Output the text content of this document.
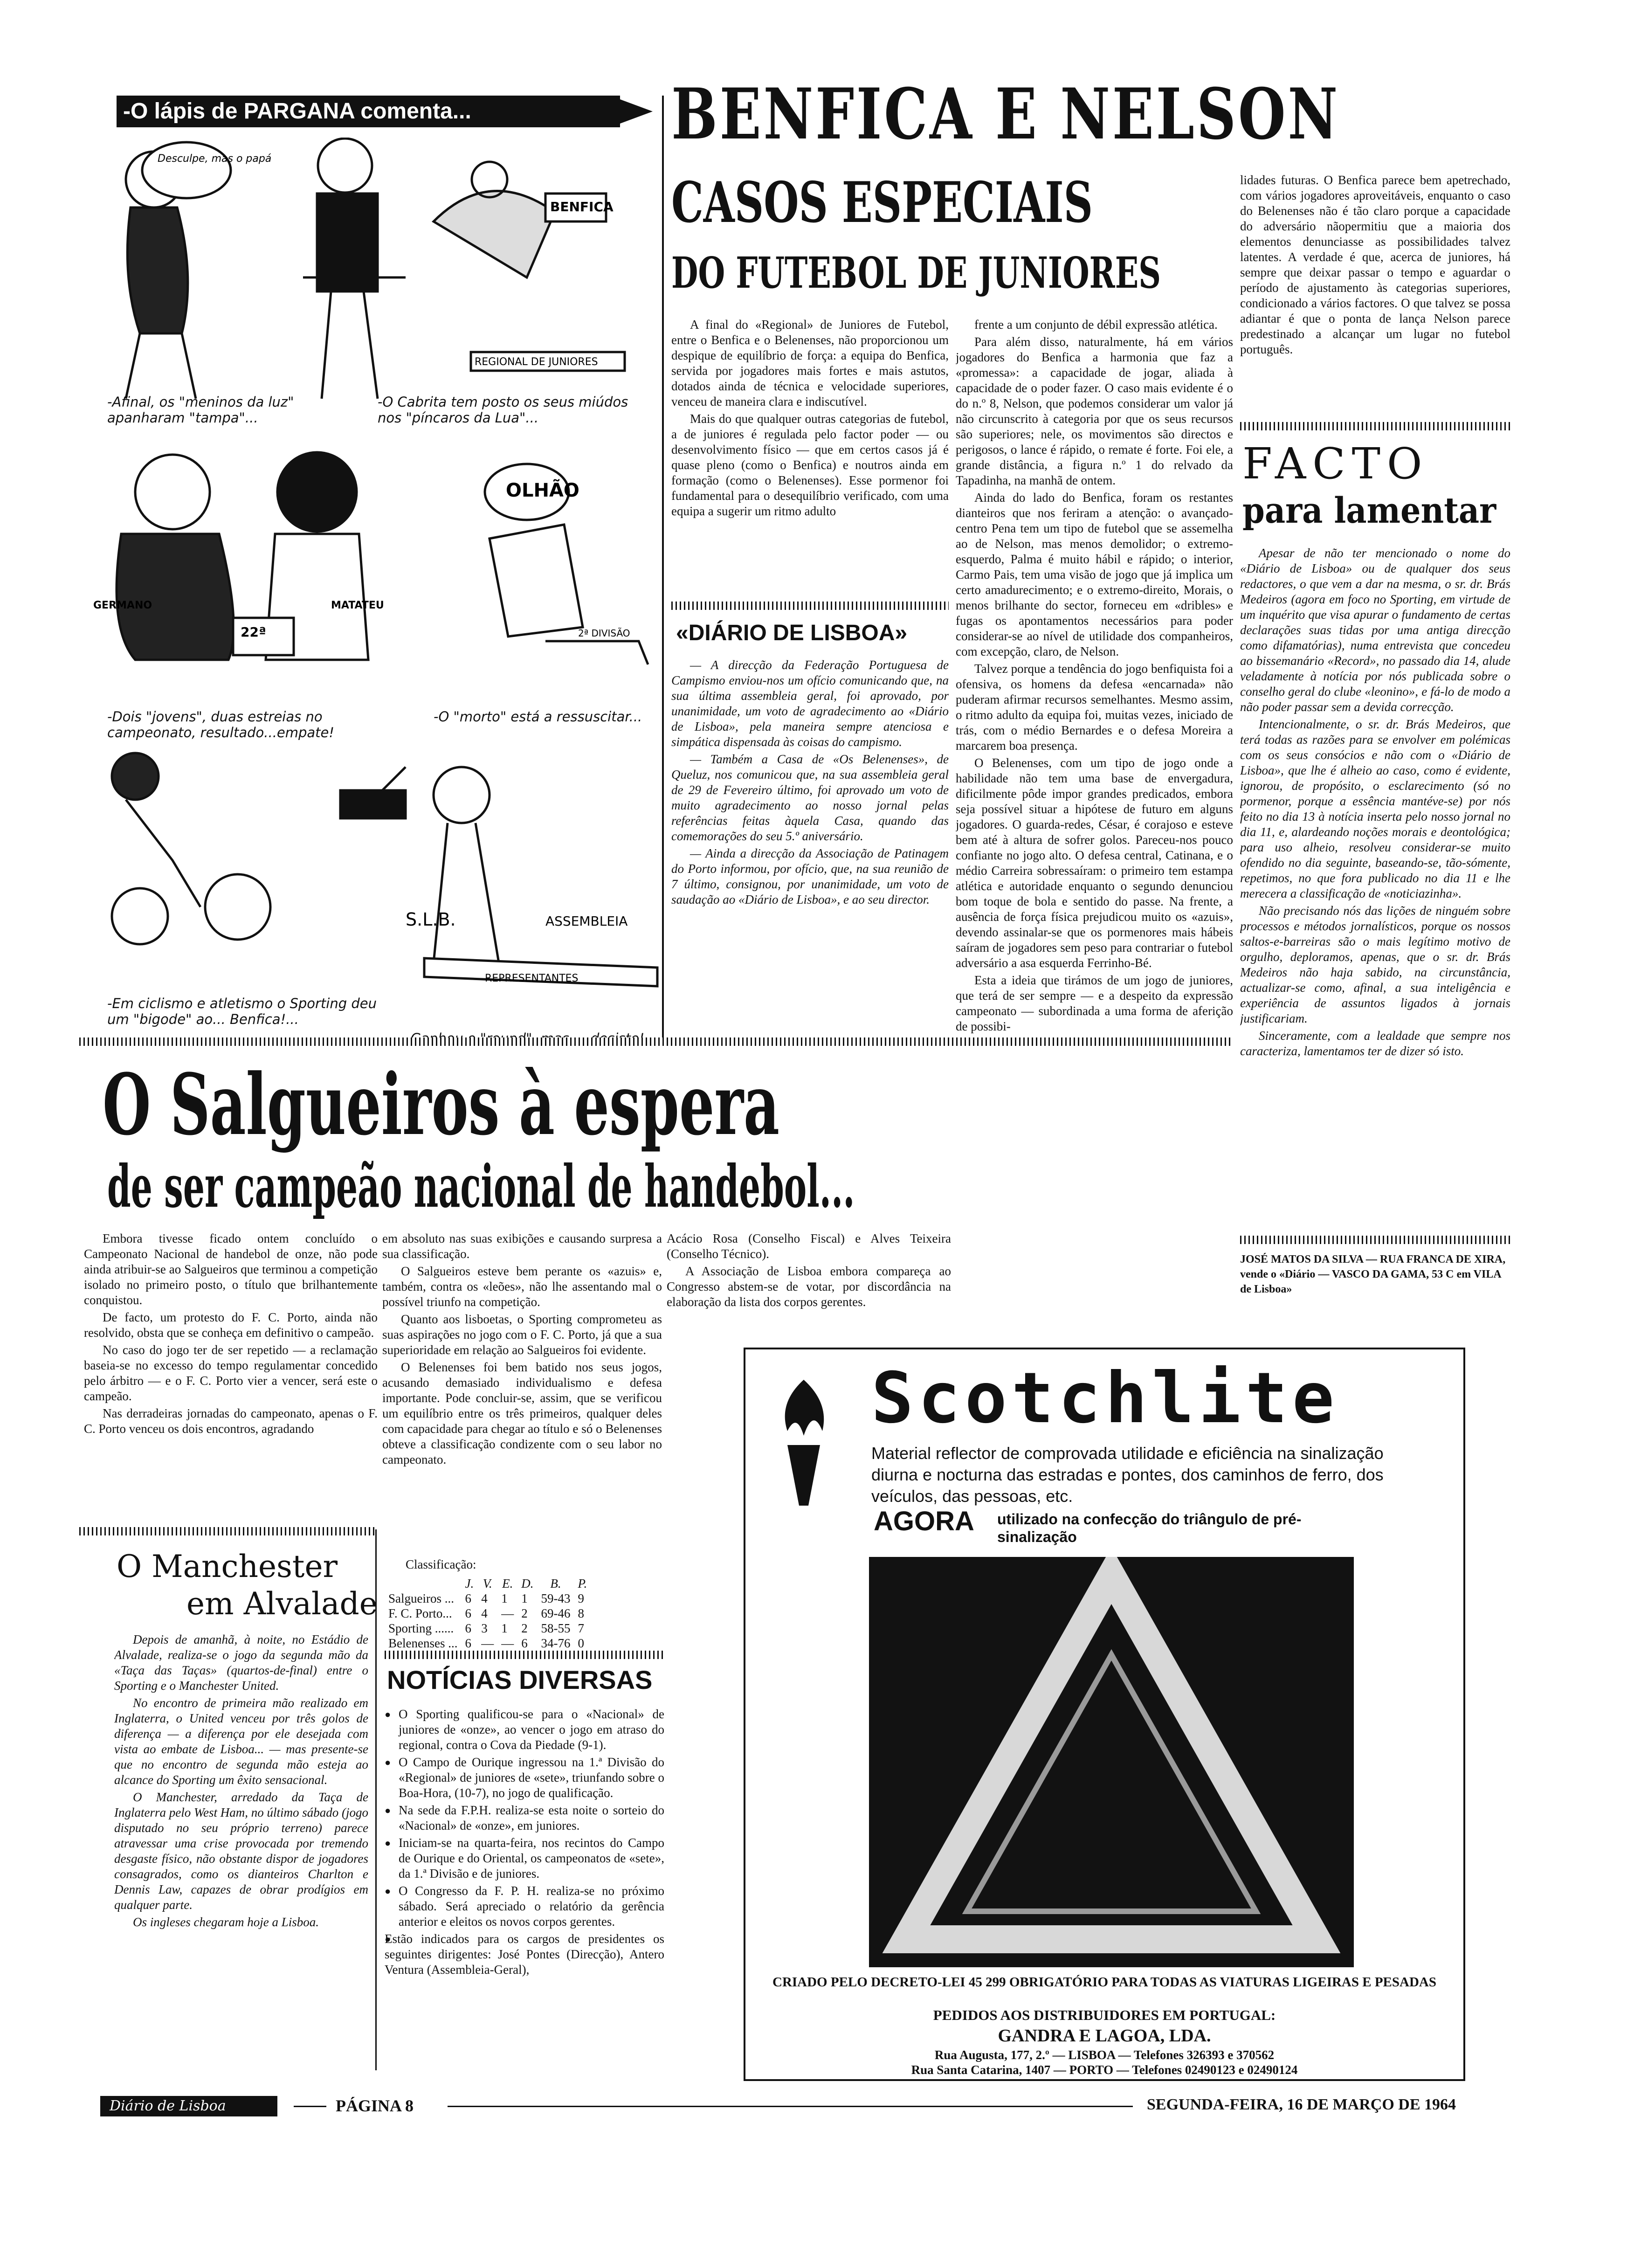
-O lápis de PARGANA comenta...
BENFICA
Desculpe, mas o papá
REGIONAL DE JUNIORES
-Afinal, os "meninos da luz" apanharam "tampa"...
-O Cabrita tem posto os seus miúdos nos "píncaros da Lua"...
GERMANO
22ª
MATATEU
OLHÃO
2ª DIVISÃO
-Dois "jovens", duas estreias no campeonato, resultado...empate!
-O "morto" está a ressuscitar...
S.L.B.	ASSEMBLEIA
REPRESENTANTES
-Em ciclismo e atletismo o Sporting deu um "bigode" ao... Benfica!...
BENFICA E NELSON
CASOS ESPECIAIS
DO FUTEBOL DE JUNIORES

A final do «Regional» de Juniores de Futebol, entre o Benfica e o Belenenses, não proporcionou um despique de equilíbrio de força: a equipa do Benfica, servida por jogadores mais fortes e mais astutos, dotados ainda de técnica e velocidade superiores, venceu de maneira clara e indiscutível.

Mais do que qualquer outras categorias de futebol, a de juniores é regulada pelo factor poder — ou desenvolvimento físico — que em certos casos já é quase pleno (como o Benfica) e noutros ainda em formação (como o Belenenses). Esse pormenor foi fundamental para o desequilíbrio verificado, com uma equipa a sugerir um ritmo adulto

«DIÁRIO DE LISBOA»

— A direcção da Federação Portuguesa de Campismo enviou-nos um ofício comunicando que, na sua última assembleia geral, foi aprovado, por unanimidade, um voto de agradecimento ao «Diário de Lisboa», pela maneira sempre atenciosa e simpática dispensada às coisas do campismo.

— Também a Casa de «Os Belenenses», de Queluz, nos comunicou que, na sua assembleia geral de 29 de Fevereiro último, foi aprovado um voto de muito agradecimento ao nosso jornal pelas referências feitas àquela Casa, quando das comemorações do seu 5.º aniversário.

— Ainda a direcção da Associação de Patinagem do Porto informou, por ofício, que, na sua reunião de 7 último, consignou, por unanimidade, um voto de saudação ao «Diário de Lisboa», e ao seu director.

frente a um conjunto de débil expressão atlética.

Para além disso, naturalmente, há em vários jogadores do Benfica a harmonia que faz a «promessa»: a capacidade de jogar, aliada à capacidade de o poder fazer. O caso mais evidente é o do n.º 8, Nelson, que podemos considerar um valor já não circunscrito à categoria por que os seus recursos são superiores; nele, os movimentos são directos e perigosos, o lance é rápido, o remate é forte. Foi ele, a grande distância, a figura n.º 1 do relvado da Tapadinha, na manhã de ontem.

Ainda do lado do Benfica, foram os restantes dianteiros que nos feriram a atenção: o avançado-centro Pena tem um tipo de futebol que se assemelha ao de Nelson, mas menos demolidor; o extremo-esquerdo, Palma é muito hábil e rápido; o interior, Carmo Pais, tem uma visão de jogo que já implica um certo amadurecimento; e o extremo-direito, Morais, o menos brilhante do sector, forneceu em «dribles» e fugas os apontamentos necessários para poder considerar-se ao nível de utilidade dos companheiros, com excepção, claro, de Nelson.

Talvez porque a tendência do jogo benfiquista foi a ofensiva, os homens da defesa «encarnada» não puderam afirmar recursos semelhantes. Mesmo assim, o ritmo adulto da equipa foi, muitas vezes, iniciado de trás, com o médio Bernardes e o defesa Moreira a marcarem boa presença.

O Belenenses, com um tipo de jogo onde a habilidade não tem uma base de envergadura, dificilmente pôde impor grandes predicados, embora seja possível situar a hipótese de futuro em alguns jogadores. O guarda-redes, César, é corajoso e esteve bem até à altura de sofrer golos. Pareceu-nos pouco confiante no jogo alto. O defesa central, Catinana, e o médio Carreira sobressaíram: o primeiro tem estampa atlética e autoridade enquanto o segundo denunciou bom toque de bola e sentido do passe. Na frente, a ausência de força física prejudicou muito os «azuis», devendo assinalar-se que os pormenores mais hábeis saíram de jogadores sem peso para contrariar o futebol adversário a asa esquerda Ferrinho-Bé.

Esta a ideia que tirámos de um jogo de juniores, que terá de ser sempre — e a despeito da expressão campeonato — subordinada a uma forma de aferição de possibi-

lidades futuras. O Benfica parece bem apetrechado, com vários jogadores aproveitáveis, enquanto o caso do Belenenses não é tão claro porque a capacidade do adversário nãopermitiu que a maioria dos elementos denunciasse as possibilidades talvez latentes. A verdade é que, acerca de juniores, há sempre que deixar passar o tempo e aguardar o período de ajustamento às categorias superiores, condicionado a vários factores. O que talvez se possa adiantar é que o ponta de lança Nelson parece predestinado a alcançar um lugar no futebol português.

FACTO
para lamentar

Apesar de não ter mencionado o nome do «Diário de Lisboa» ou de qualquer dos seus redactores, o que vem a dar na mesma, o sr. dr. Brás Medeiros (agora em foco no Sporting, em virtude de um inquérito que visa apurar o fundamento de certas declarações suas tidas por uma antiga direcção como difamatórias), numa entrevista que concedeu ao bissemanário «Record», no passado dia 14, alude veladamente à notícia por nós publicada sobre o conselho geral do clube «leonino», e fá-lo de modo a não poder passar sem a devida correcção.

Intencionalmente, o sr. dr. Brás Medeiros, que terá todas as razões para se envolver em polémicas com os seus consócios e não com o «Diário de Lisboa», que lhe é alheio ao caso, como é evidente, ignorou, de propósito, o esclarecimento (só no pormenor, porque a essência mantéve-se) por nós feito no dia 13 à notícia inserta pelo nosso jornal no dia 11, e, alardeando noções morais e deontológica; para uso alheio, resolveu considerar-se muito ofendido no dia seguinte, baseando-se, tão-sómente, repetimos, no que fora publicado no dia 11 e lhe merecera a classificação de «noticiazinha».

Não precisando nós das lições de ninguém sobre processos e métodos jornalísticos, porque os nossos saltos-e-barreiras são o mais legítimo motivo de orgulho, deploramos, apenas, que o sr. dr. Brás Medeiros não haja sabido, na circunstância, actualizar-se como, afinal, a sua inteligência e experiência de assuntos ligados à jornais justificariam.

Sinceramente, com a lealdade que sempre nos caracteriza, lamentamos ter de dizer só isto.

JOSÉ MATOS DA SILVA — RUA FRANCA DE XIRA, vende o «Diário — VASCO DA GAMA, 53 C em VILA de Lisboa»
O Salgueiros à espera
de ser campeão nacional de handebol...

Embora tivesse ficado ontem concluído o Campeonato Nacional de handebol de onze, não pode ainda atribuir-se ao Salgueiros que terminou a competição isolado no primeiro posto, o título que brilhantemente conquistou.

De facto, um protesto do F. C. Porto, ainda não resolvido, obsta que se conheça em definitivo o campeão.

No caso do jogo ter de ser repetido — a reclamação baseia-se no excesso do tempo regulamentar concedido pelo árbitro — e o F. C. Porto vier a vencer, será este o campeão.

Nas derradeiras jornadas do campeonato, apenas o F. C. Porto venceu os dois encontros, agradando

em absoluto nas suas exibições e causando surpresa a sua classificação.

O Salgueiros esteve bem perante os «azuis» e, também, contra os «leões», não lhe assentando mal o possível triunfo na competição.

Quanto aos lisboetas, o Sporting comprometeu as suas aspirações no jogo com o F. C. Porto, já que a sua superioridade em relação ao Salgueiros foi evidente.

O Belenenses foi bem batido nos seus jogos, acusando demasiado individualismo e defesa importante. Pode concluir-se, assim, que se verificou um equilíbrio entre os três primeiros, qualquer deles com capacidade para chegar ao título e só o Belenenses obteve a classificação condizente com o seu labor no campeonato.

Acácio Rosa (Conselho Fiscal) e Alves Teixeira (Conselho Técnico).

A Associação de Lisboa embora compareça ao Congresso abstem-se de votar, por discordância na elaboração da lista dos corpos gerentes.

Classificação:
	J.	V.	E.	D.	B.	P.
Salgueiros ...	6	4	1	1	59-43	9
F. C. Porto...	6	4	—	2	69-46	8
Sporting ......	6	3	1	2	58-55	7
Belenenses ...	6	—	—	6	34-76	0
O Manchester
em Alvalade

Depois de amanhã, à noite, no Estádio de Alvalade, realiza-se o jogo da segunda mão da «Taça das Taças» (quartos-de-final) entre o Sporting e o Manchester United.

No encontro de primeira mão realizado em Inglaterra, o United venceu por três golos de diferença — a diferença por ele desejada com vista ao embate de Lisboa... — mas presente-se que no encontro de segunda mão esteja ao alcance do Sporting um êxito sensacional.

O Manchester, arredado da Taça de Inglaterra pelo West Ham, no último sábado (jogo disputado no seu próprio terreno) parece atravessar uma crise provocada por tremendo desgaste físico, não obstante dispor de jogadores consagrados, como os dianteiros Charlton e Dennis Law, capazes de obrar prodígios em qualquer parte.

Os ingleses chegaram hoje a Lisboa.

NOTÍCIAS DIVERSAS

● O Sporting qualificou-se para o «Nacional» de juniores de «onze», ao vencer o jogo em atraso do regional, contra o Cova da Piedade (9-1).

● O Campo de Ourique ingressou na 1.ª Divisão do «Regional» de juniores de «sete», triunfando sobre o Boa-Hora, (10-7), no jogo de qualificação.

● Na sede da F.P.H. realiza-se esta noite o sorteio do «Nacional» de «onze», em juniores.

● Iniciam-se na quarta-feira, nos recintos do Campo de Ourique e do Oriental, os campeonatos de «sete», da 1.ª Divisão e de juniores.

● O Congresso da F. P. H. realiza-se no próximo sábado. Será apreciado o relatório da gerência anterior e eleitos os novos corpos gerentes.

● Estão indicados para os cargos de presidentes os seguintes dirigentes: José Pontes (Direcção), Antero Ventura (Assembleia-Geral),

Scotchlite
Material reflector de comprovada utilidade e eficiência na sinalização diurna e nocturna das estradas e pontes, dos caminhos de ferro, dos veículos, das pessoas, etc.
AGORA utilizado na confecção do triângulo de pré-sinalização
CRIADO PELO DECRETO-LEI 45 299 OBRIGATÓRIO PARA TODAS AS VIATURAS LIGEIRAS E PESADAS
PEDIDOS AOS DISTRIBUIDORES EM PORTUGAL:
GANDRA E LAGOA, LDA.
Rua Augusta, 177, 2.º — LISBOA — Telefones 326393 e 370562
Rua Santa Catarina, 1407 — PORTO — Telefones 02490123 e 02490124
Diário de Lisboa	PÁGINA 8	SEGUNDA-FEIRA, 16 DE MARÇO DE 1964
